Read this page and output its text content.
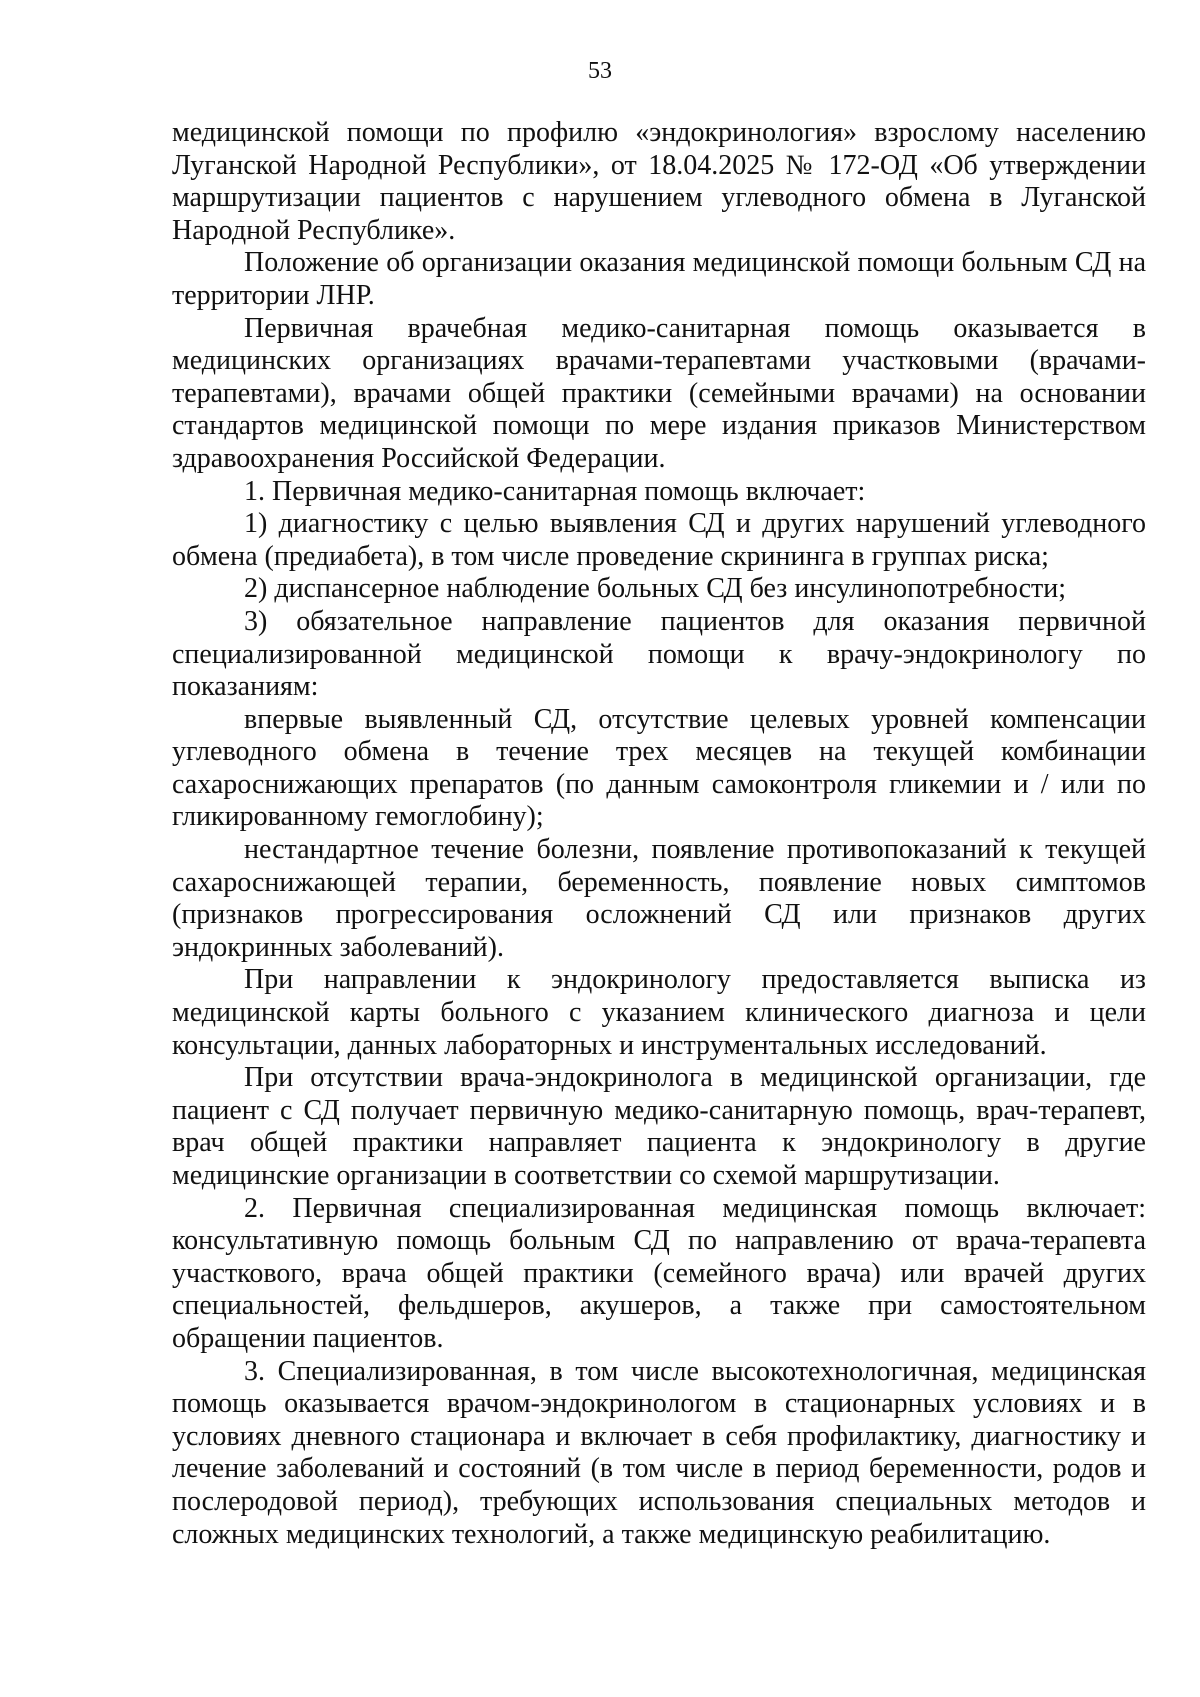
53

медицинской помощи по профилю «эндокринология» взрослому населению Луганской Народной Республики», от 18.04.2025 № 172-ОД «Об утверждении маршрутизации пациентов с нарушением углеводного обмена в Луганской Народной Республике».

Положение об организации оказания медицинской помощи больным СД на территории ЛНР.

Первичная врачебная медико-санитарная помощь оказывается в медицинских организациях врачами-терапевтами участковыми (врачами-терапевтами), врачами общей практики (семейными врачами) на основании стандартов медицинской помощи по мере издания приказов Министерством здравоохранения Российской Федерации.

1. Первичная медико-санитарная помощь включает:

1) диагностику с целью выявления СД и других нарушений углеводного обмена (предиабета), в том числе проведение скрининга в группах риска;

2) диспансерное наблюдение больных СД без инсулинопотребности;

3) обязательное направление пациентов для оказания первичной специализированной медицинской помощи к врачу-эндокринологу по показаниям:

впервые выявленный СД, отсутствие целевых уровней компенсации углеводного обмена в течение трех месяцев на текущей комбинации сахароснижающих препаратов (по данным самоконтроля гликемии и / или по гликированному гемоглобину);

нестандартное течение болезни, появление противопоказаний к текущей сахароснижающей терапии, беременность, появление новых симптомов (признаков прогрессирования осложнений СД или признаков других эндокринных заболеваний).

При направлении к эндокринологу предоставляется выписка из медицинской карты больного с указанием клинического диагноза и цели консультации, данных лабораторных и инструментальных исследований.

При отсутствии врача-эндокринолога в медицинской организации, где пациент с СД получает первичную медико-санитарную помощь, врач-терапевт, врач общей практики направляет пациента к эндокринологу в другие медицинские организации в соответствии со схемой маршрутизации.

2. Первичная специализированная медицинская помощь включает: консультативную помощь больным СД по направлению от врача-терапевта участкового, врача общей практики (семейного врача) или врачей других специальностей, фельдшеров, акушеров, а также при самостоятельном обращении пациентов.

3. Специализированная, в том числе высокотехнологичная, медицинская помощь оказывается врачом-эндокринологом в стационарных условиях и в условиях дневного стационара и включает в себя профилактику, диагностику и лечение заболеваний и состояний (в том числе в период беременности, родов и послеродовой период), требующих использования специальных методов и сложных медицинских технологий, а также медицинскую реабилитацию.
